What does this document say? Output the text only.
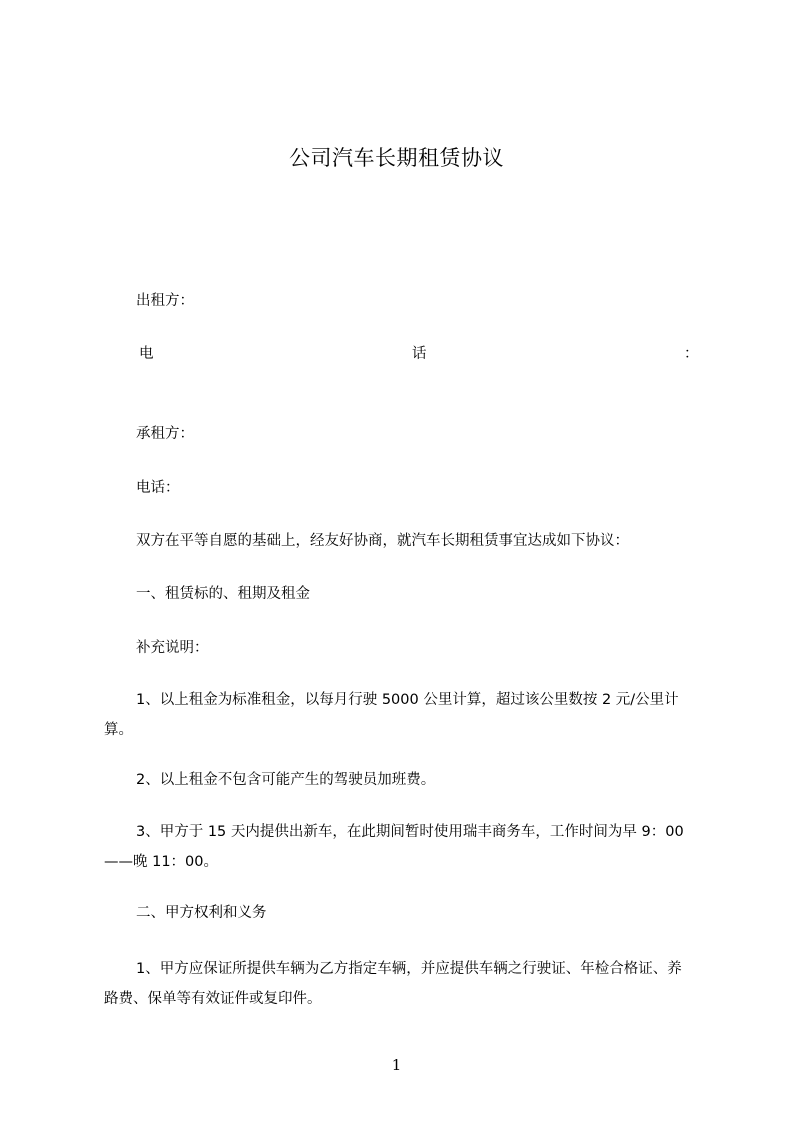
公司汽车长期租赁协议
出租方：
电	话	：
承租方：
电话：
双方在平等自愿的基础上，经友好协商，就汽车长期租赁事宜达成如下协议：
一、租赁标的、租期及租金
补充说明：
1、以上租金为标准租金，以每月行驶 5000 公里计算，超过该公里数按 2 元/公里计算。
2、以上租金不包含可能产生的驾驶员加班费。
3、甲方于 15 天内提供出新车，在此期间暂时使用瑞丰商务车，工作时间为早 9：00——晚 11：00。
二、甲方权利和义务
1、甲方应保证所提供车辆为乙方指定车辆，并应提供车辆之行驶证、年检合格证、养路费、保单等有效证件或复印件。
1
